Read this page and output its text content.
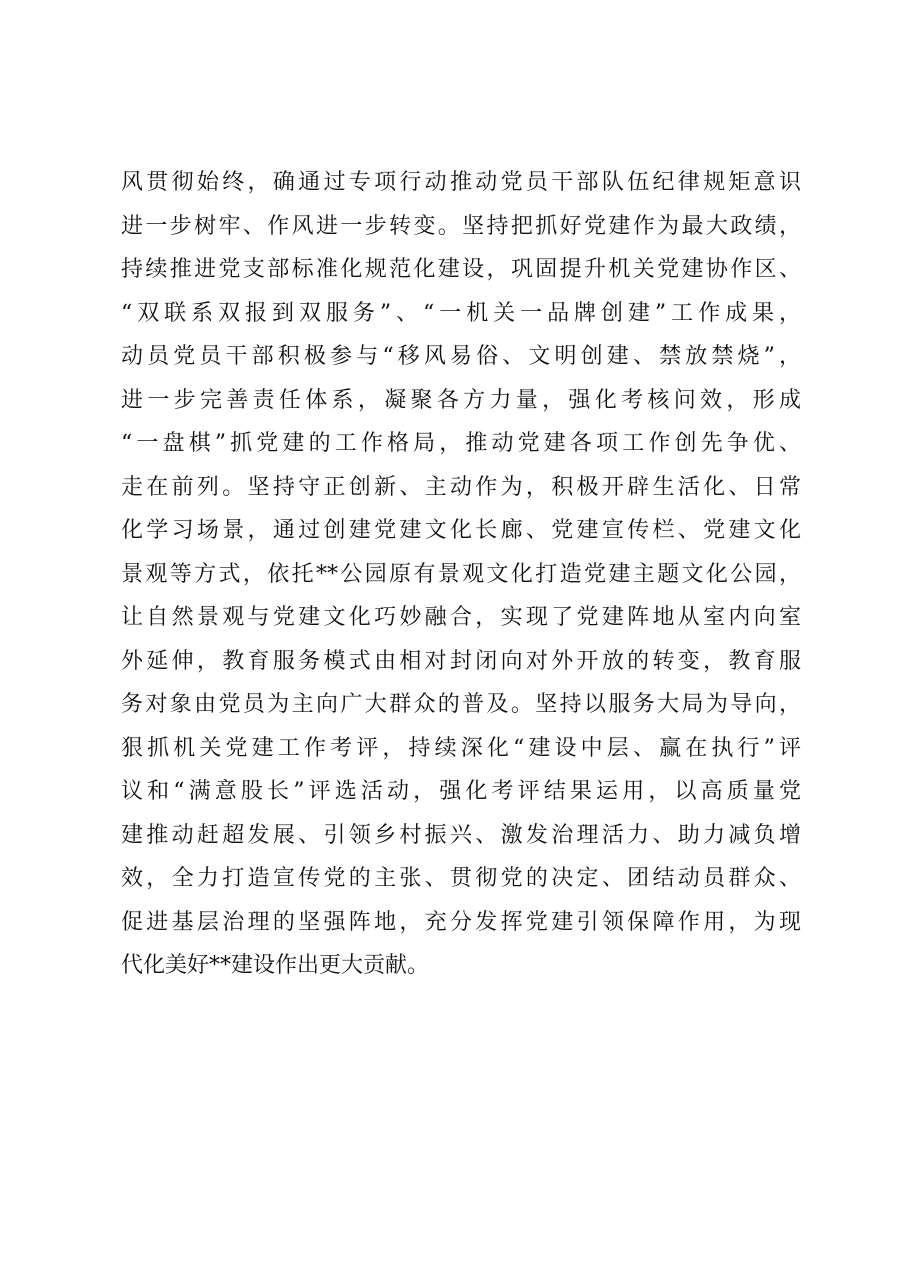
风贯彻始终，确通过专项行动推动党员干部队伍纪律规矩意识
进一步树牢、作风进一步转变。坚持把抓好党建作为最大政绩，
持续推进党支部标准化规范化建设，巩固提升机关党建协作区、
“双联系双报到双服务”、“一机关一品牌创建”工作成果，
动员党员干部积极参与“移风易俗、文明创建、禁放禁烧”，
进一步完善责任体系，凝聚各方力量，强化考核问效，形成
“一盘棋”抓党建的工作格局，推动党建各项工作创先争优、
走在前列。坚持守正创新、主动作为，积极开辟生活化、日常
化学习场景，通过创建党建文化长廊、党建宣传栏、党建文化
景观等方式，依托**公园原有景观文化打造党建主题文化公园，
让自然景观与党建文化巧妙融合，实现了党建阵地从室内向室
外延伸，教育服务模式由相对封闭向对外开放的转变，教育服
务对象由党员为主向广大群众的普及。坚持以服务大局为导向，
狠抓机关党建工作考评，持续深化“建设中层、赢在执行”评
议和“满意股长”评选活动，强化考评结果运用，以高质量党
建推动赶超发展、引领乡村振兴、激发治理活力、助力减负增
效，全力打造宣传党的主张、贯彻党的决定、团结动员群众、
促进基层治理的坚强阵地，充分发挥党建引领保障作用，为现
代化美好**建设作出更大贡献。
